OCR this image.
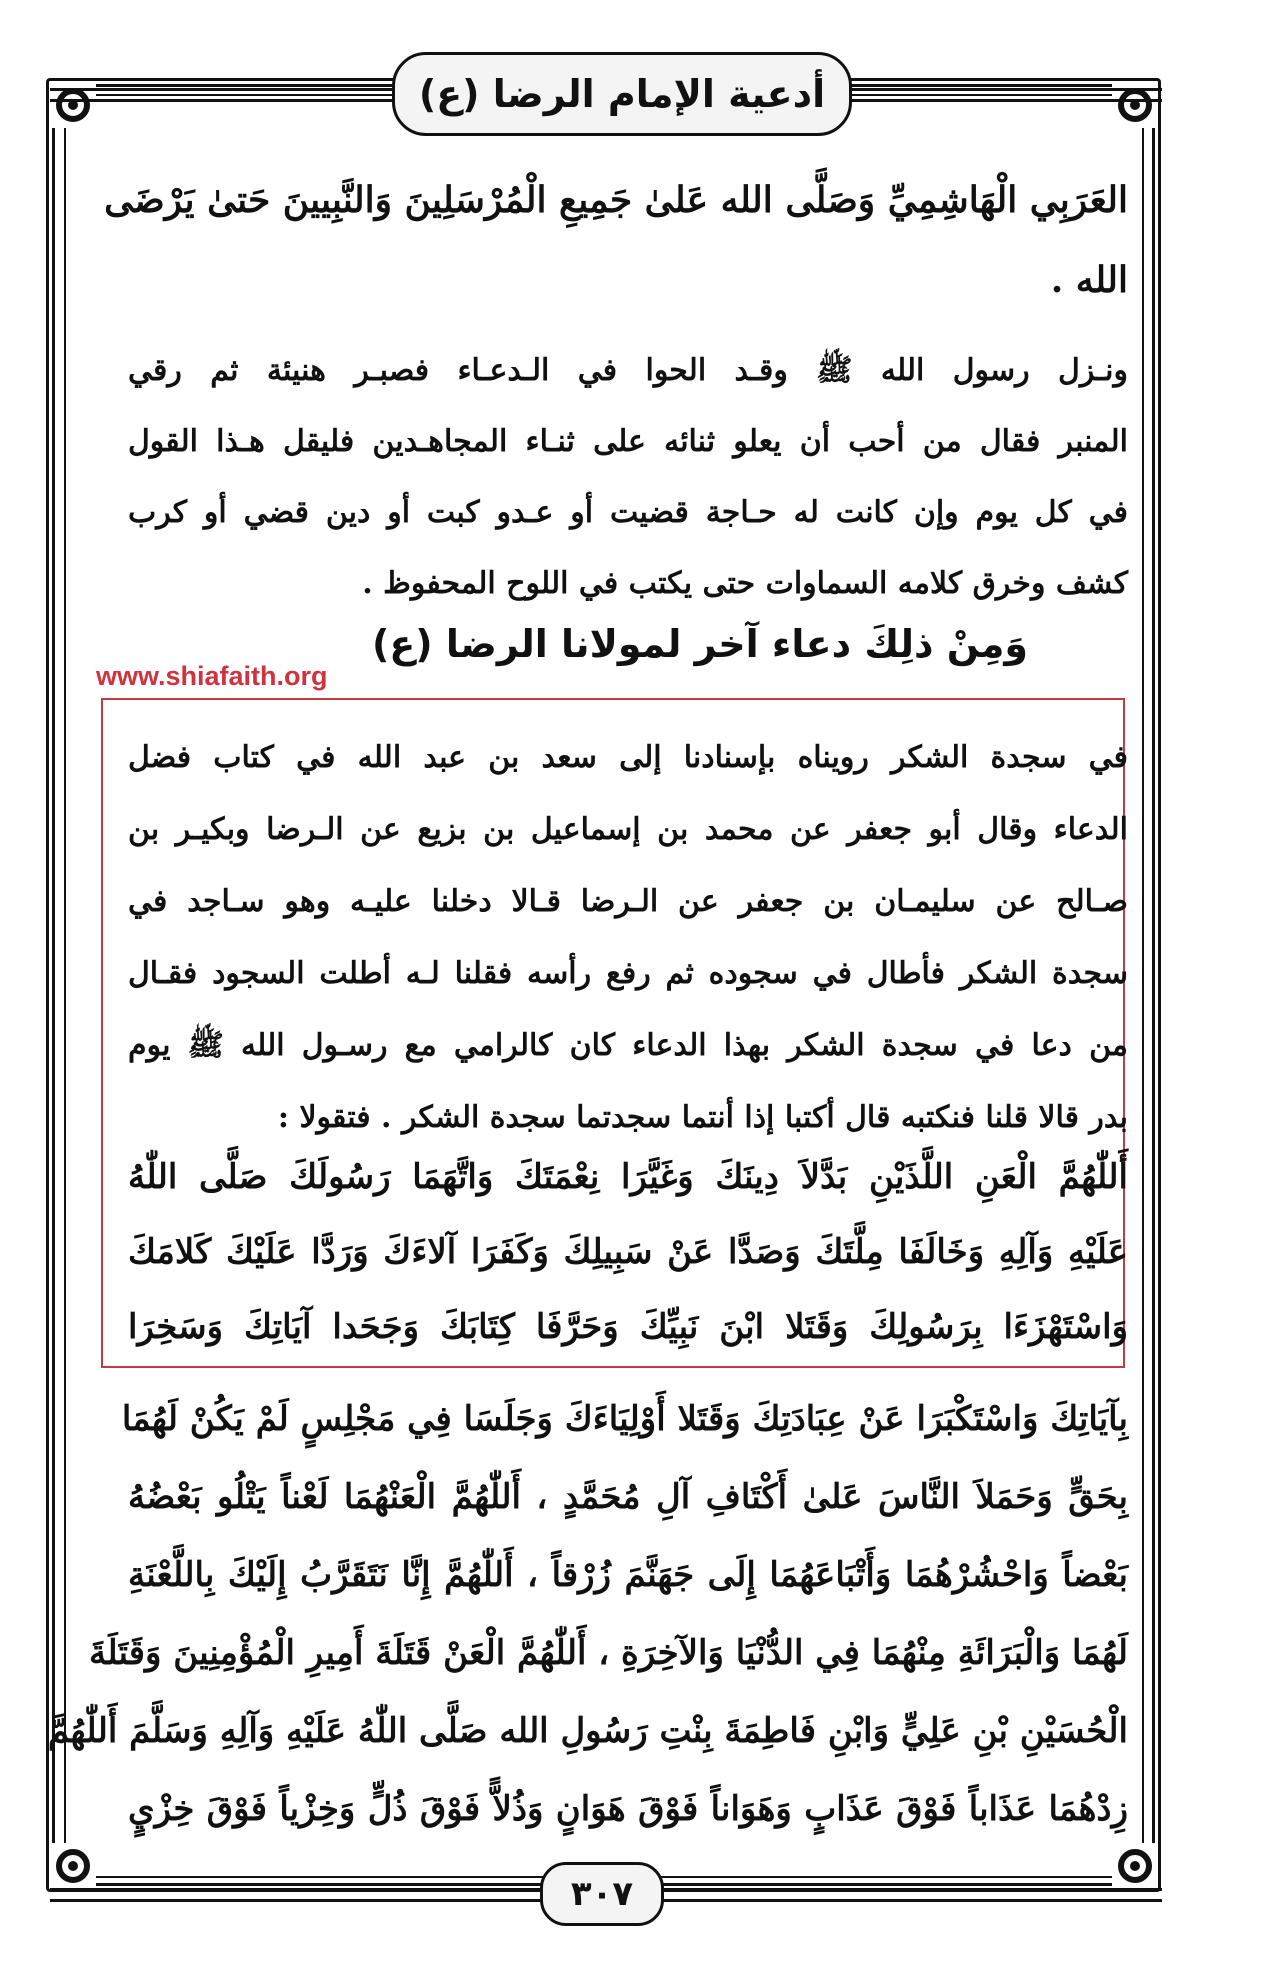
أدعية الإمام الرضا (ع)
العَرَبِي الْهَاشِمِيِّ وَصَلَّى الله عَلىٰ جَمِيعِ الْمُرْسَلِينَ وَالنَّبِيينَ حَتىٰ يَرْضَى
الله .
ونـزل رسول الله ﷺ وقـد الحوا في الـدعـاء فصبـر هنيئة ثم رقي
المنبر فقال من أحب أن يعلو ثنائه على ثنـاء المجاهـدين فليقل هـذا القول
في كل يوم وإن كانت له حـاجة قضيت أو عـدو كبت أو دين قضي أو كرب
كشف وخرق كلامه السماوات حتى يكتب في اللوح المحفوظ .
وَمِنْ ذلِكَ دعاء آخر لمولانا الرضا (ع)
www.shiafaith.org
في سجدة الشكر رويناه بإسنادنا إلى سعد بن عبد الله في كتاب فضل
الدعاء وقال أبو جعفر عن محمد بن إسماعيل بن بزيع عن الـرضا وبكيـر بن
صـالح عن سليمـان بن جعفر عن الـرضا قـالا دخلنا عليـه وهو سـاجد في
سجدة الشكر فأطال في سجوده ثم رفع رأسه فقلنا لـه أطلت السجود فقـال
من دعا في سجدة الشكر بهذا الدعاء كان كالرامي مع رسـول الله ﷺ يوم
بدر قالا قلنا فنكتبه قال أكتبا إذا أنتما سجدتما سجدة الشكر . فتقولا :
أَللّٰهُمَّ الْعَنِ اللَّذَيْنِ بَدَّلاَ دِينَكَ وَغَيَّرَا نِعْمَتَكَ وَاتَّهَمَا رَسُولَكَ صَلَّى اللّٰهُ
عَلَيْهِ وَآلِهِ وَخَالَفَا مِلَّتَكَ وَصَدَّا عَنْ سَبِيلِكَ وَكَفَرَا آلاءَكَ وَرَدَّا عَلَيْكَ كَلامَكَ
وَاسْتَهْزَءَا بِرَسُولِكَ وَقَتَلا ابْنَ نَبِيِّكَ وَحَرَّفَا كِتَابَكَ وَجَحَدا آيَاتِكَ وَسَخِرَا
بِآيَاتِكَ وَاسْتَكْبَرَا عَنْ عِبَادَتِكَ وَقَتَلا أَوْلِيَاءَكَ وَجَلَسَا فِي مَجْلِسٍ لَمْ يَكُنْ لَهُمَا
بِحَقٍّ وَحَمَلاَ النَّاسَ عَلىٰ أَكْتَافِ آلِ مُحَمَّدٍ ، أَللّٰهُمَّ الْعَنْهُمَا لَعْناً يَتْلُو بَعْضُهُ
بَعْضاً وَاحْشُرْهُمَا وَأَتْبَاعَهُمَا إِلَى جَهَنَّمَ زُرْقاً ، أَللّٰهُمَّ إِنَّا نَتَقَرَّبُ إِلَيْكَ بِاللَّعْنَةِ
لَهُمَا وَالْبَرَائَةِ مِنْهُمَا فِي الدُّنْيَا وَالآخِرَةِ ، أَللّٰهُمَّ الْعَنْ قَتَلَةَ أَمِيرِ الْمُؤْمِنِينَ وَقَتَلَةَ
الْحُسَيْنِ بْنِ عَلِيٍّ وَابْنِ فَاطِمَةَ بِنْتِ رَسُولِ الله صَلَّى اللّٰهُ عَلَيْهِ وَآلِهِ وَسَلَّمَ أَللّٰهُمَّ
زِدْهُمَا عَذَاباً فَوْقَ عَذَابٍ وَهَوَاناً فَوْقَ هَوَانٍ وَذُلاًّ فَوْقَ ذُلٍّ وَخِزْياً فَوْقَ خِزْيٍ
٣٠٧
